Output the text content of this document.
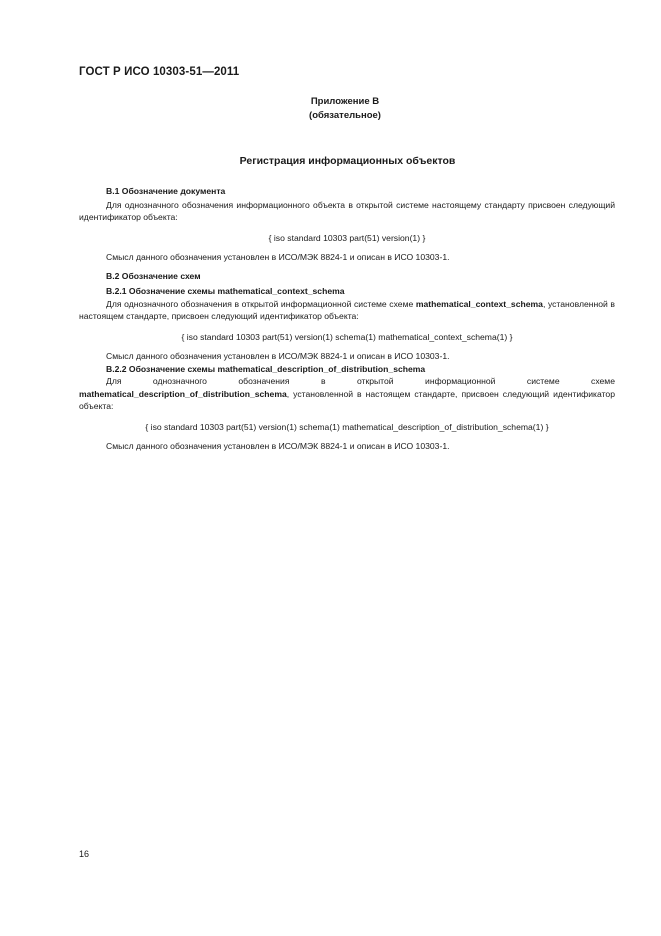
ГОСТ Р ИСО 10303-51—2011
Приложение В
(обязательное)
Регистрация информационных объектов

В.1 Обозначение документа

Для однозначного обозначения информационного объекта в открытой системе настоящему стандарту присвоен следующий идентификатор объекта:

{ iso standard 10303 part(51) version(1) }

Смысл данного обозначения установлен в ИСО/МЭК 8824-1 и описан в ИСО 10303-1.

В.2 Обозначение схем

В.2.1 Обозначение схемы mathematical_context_schema

Для однозначного обозначения в открытой информационной системе схеме mathematical_context_schema, установленной в настоящем стандарте, присвоен следующий идентификатор объекта:

{ iso standard 10303 part(51) version(1) schema(1) mathematical_context_schema(1) }

Смысл данного обозначения установлен в ИСО/МЭК 8824-1 и описан в ИСО 10303-1.

В.2.2 Обозначение схемы mathematical_description_of_distribution_schema

Для однозначного обозначения в открытой информационной системе схеме mathematical_description_of_distribution_schema, установленной в настоящем стандарте, присвоен следующий идентификатор объекта:

{ iso standard 10303 part(51) version(1) schema(1) mathematical_description_of_distribution_schema(1) }

Смысл данного обозначения установлен в ИСО/МЭК 8824-1 и описан в ИСО 10303-1.

16
